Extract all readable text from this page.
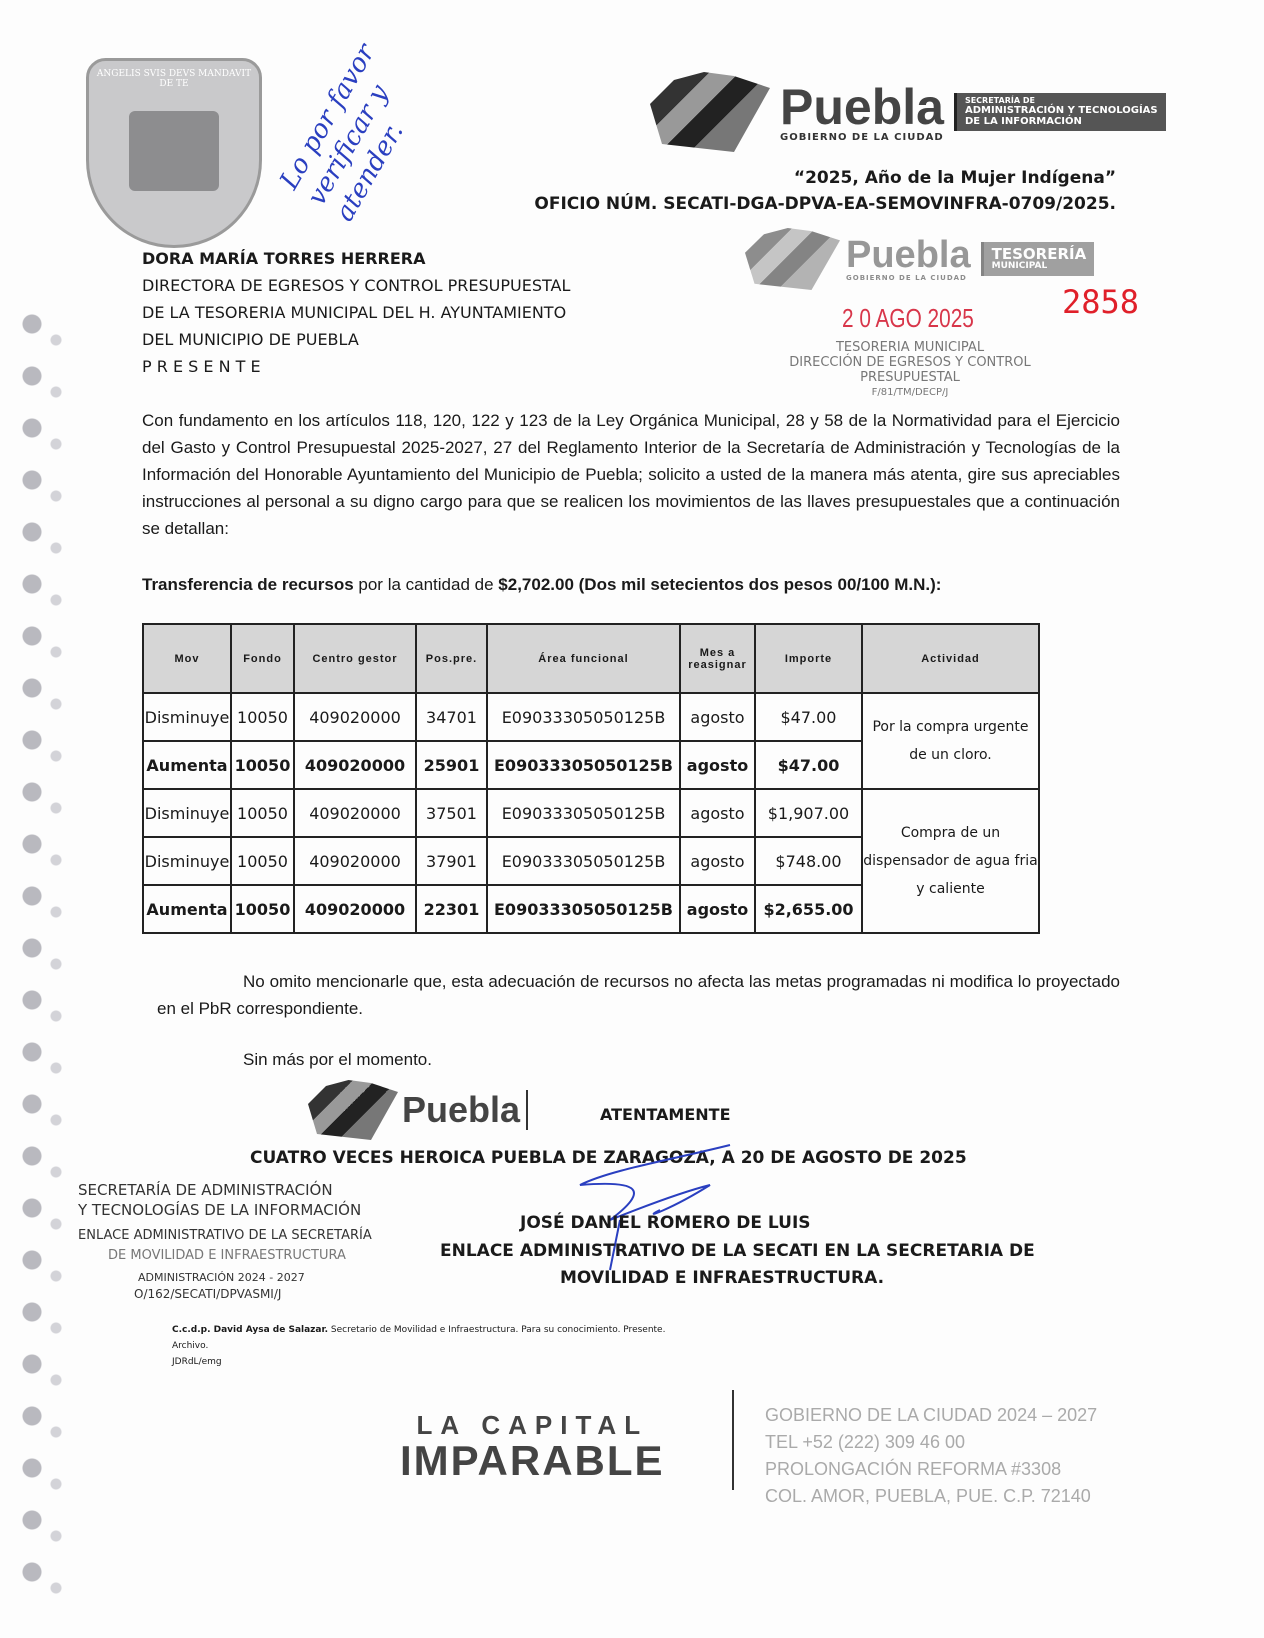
ANGELIS SVIS DEVS MANDAVIT DE TE	Lo por favor verificar y atender.
Puebla
GOBIERNO DE LA CIUDAD
SECRETARÍA DE
ADMINISTRACIÓN Y TECNOLOGÍAS
DE LA INFORMACIÓN
“2025, Año de la Mujer Indígena”
OFICIO NÚM. SECATI-DGA-DPVA-EA-SEMOVINFRA-0709/2025.
Puebla
GOBIERNO DE LA CIUDAD
TESORERÍA
MUNICIPAL
2858
2 0 AGO 2025
TESORERIA MUNICIPAL
DIRECCIÓN DE EGRESOS Y CONTROL
PRESUPUESTAL
F/81/TM/DECP/J
DORA MARÍA TORRES HERRERA
DIRECTORA DE EGRESOS Y CONTROL PRESUPUESTAL
DE LA TESORERIA MUNICIPAL DEL H. AYUNTAMIENTO
DEL MUNICIPIO DE PUEBLA
P R E S E N T E
Con fundamento en los artículos 118, 120, 122 y 123 de la Ley Orgánica Municipal, 28 y 58 de la Normatividad para el Ejercicio del Gasto y Control Presupuestal 2025-2027, 27 del Reglamento Interior de la Secretaría de Administración y Tecnologías de la Información del Honorable Ayuntamiento del Municipio de Puebla; solicito a usted de la manera más atenta, gire sus apreciables instrucciones al personal a su digno cargo para que se realicen los movimientos de las llaves presupuestales que a continuación se detallan:
Transferencia de recursos por la cantidad de $2,702.00 (Dos mil setecientos dos pesos 00/100 M.N.):
Mov	Fondo	Centro gestor	Pos.pre.	Área funcional	Mes a reasignar	Importe	Actividad
Disminuye	10050	409020000	34701	E09033305050125B	agosto	$47.00	Por la compra urgente de un cloro.
Aumenta	10050	409020000	25901	E09033305050125B	agosto	$47.00	
Disminuye	10050	409020000	37501	E09033305050125B	agosto	$1,907.00	Compra de un dispensador de agua fria y caliente
Disminuye	10050	409020000	37901	E09033305050125B	agosto	$748.00	
Aumenta	10050	409020000	22301	E09033305050125B	agosto	$2,655.00	
No omito mencionarle que, esta adecuación de recursos no afecta las metas programadas ni modifica lo proyectado en el PbR correspondiente.
Sin más por el momento.
Puebla	ATENTAMENTE
CUATRO VECES HEROICA PUEBLA DE ZARAGOZA, A 20 DE AGOSTO DE 2025
SECRETARÍA DE ADMINISTRACIÓN
Y TECNOLOGÍAS DE LA INFORMACIÓN
ENLACE ADMINISTRATIVO DE LA SECRETARÍA
DE MOVILIDAD E INFRAESTRUCTURA
ADMINISTRACIÓN 2024 - 2027
O/162/SECATI/DPVASMI/J
JOSÉ DANIEL ROMERO DE LUIS
ENLACE ADMINISTRATIVO DE LA SECATI EN LA SECRETARIA DE
MOVILIDAD E INFRAESTRUCTURA.
C.c.d.p. David Aysa de Salazar. Secretario de Movilidad e Infraestructura. Para su conocimiento. Presente.
Archivo.
JDRdL/emg
LA CAPITAL
IMPARABLE
GOBIERNO DE LA CIUDAD 2024 – 2027
TEL +52 (222) 309 46 00
PROLONGACIÓN REFORMA #3308
COL. AMOR, PUEBLA, PUE. C.P. 72140
